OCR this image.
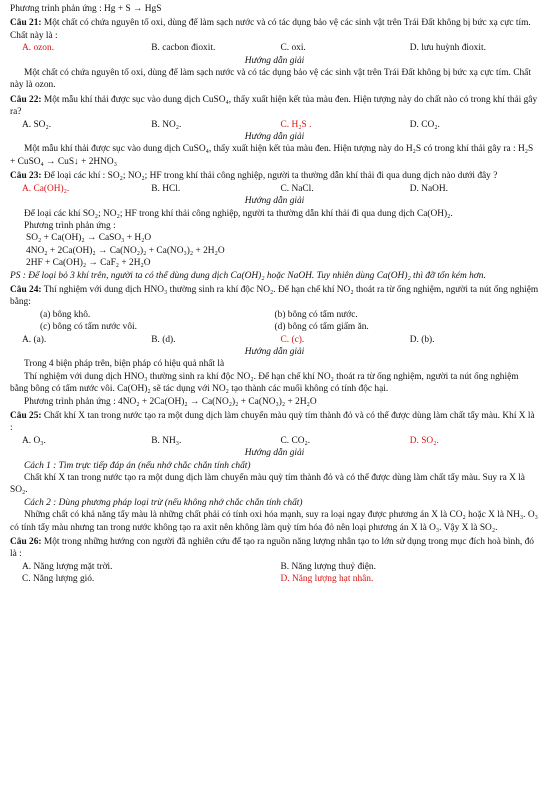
Phương trình phản ứng : Hg + S → HgS

Câu 21: Một chất có chứa nguyên tố oxi, dùng để làm sạch nước và có tác dụng bảo vệ các sinh vật trên Trái Đất không bị bức xạ cực tím. Chất này là :

A. ozon.	B. cacbon đioxit.	C. oxi.	D. lưu huỳnh đioxit.

Hướng dẫn giải

Một chất có chứa nguyên tố oxi, dùng để làm sạch nước và có tác dụng bảo vệ các sinh vật trên Trái Đất không bị bức xạ cực tím. Chất này là ozon.

Câu 22: Một mẫu khí thải được sục vào dung dịch CuSO₄, thấy xuất hiện kết tủa màu đen. Hiện tượng này do chất nào có trong khí thải gây ra?

A. SO₂.	B. NO₂.	C. H₂S .	D. CO₂.

Hướng dẫn giải

Một mẫu khí thải được sục vào dung dịch CuSO₄, thấy xuất hiện kết tủa màu đen. Hiện tượng này do H₂S có trong khí thải gây ra : H₂S + CuSO₄ → CuS↓ + 2HNO₃

Câu 23: Để loại các khí : SO₂; NO₂; HF trong khí thải công nghiệp, người ta thường dẫn khí thải đi qua dung dịch nào dưới đây ?

A. Ca(OH)₂.	B. HCl.	C. NaCl.	D. NaOH.

Hướng dẫn giải

Để loại các khí SO₂; NO₂; HF trong khí thải công nghiệp, người ta thường dẫn khí thải đi qua dung dịch Ca(OH)₂.

Phương trình phản ứng :

SO₂ + Ca(OH)₂ → CaSO₃ + H₂O

4NO₂ + 2Ca(OH)₂ → Ca(NO₂)₂ + Ca(NO₃)₂ + 2H₂O

2HF + Ca(OH)₂ → CaF₂ + 2H₂O

PS : Để loại bỏ 3 khí trên, người ta có thể dùng dung dịch Ca(OH)₂ hoặc NaOH. Tuy nhiên dùng Ca(OH)₂ thì đỡ tốn kém hơn.

Câu 24: Thí nghiệm với dung dịch HNO₃ thường sinh ra khí độc NO₂. Để hạn chế khí NO₂ thoát ra từ ống nghiệm, người ta nút ống nghiệm bằng:

(a) bông khô.	(b) bông có tẩm nước.
(c) bông có tẩm nước vôi.	(d) bông có tẩm giấm ăn.
A. (a).	B. (d).	C. (c).	D. (b).

Hướng dẫn giải

Trong 4 biện pháp trên, biện pháp có hiệu quả nhất là

Thí nghiệm với dung dịch HNO₃ thường sinh ra khí độc NO₂. Để hạn chế khí NO₂ thoát ra từ ống nghiệm, người ta nút ống nghiệm bằng bông có tẩm nước vôi. Ca(OH)₂ sẽ tác dụng với NO₂ tạo thành các muối không có tính độc hại.

Phương trình phản ứng : 4NO₂ + 2Ca(OH)₂ → Ca(NO₂)₂ + Ca(NO₃)₂ + 2H₂O

Câu 25: Chất khí X tan trong nước tạo ra một dung dịch làm chuyển màu quỳ tím thành đỏ và có thể được dùng làm chất tẩy màu. Khí X là :

A. O₃.	B. NH₃.	C. CO₂.	D. SO₂.

Hướng dẫn giải

Cách 1 : Tìm trực tiếp đáp án (nếu nhớ chắc chắn tính chất)

Chất khí X tan trong nước tạo ra một dung dịch làm chuyển màu quỳ tím thành đỏ và có thể được dùng làm chất tẩy màu. Suy ra X là SO₂.

Cách 2 : Dùng phương pháp loại trừ (nếu không nhớ chắc chắn tính chất)

Những chất có khả năng tẩy màu là những chất phải có tính oxi hóa mạnh, suy ra loại ngay được phương án X là CO₂ hoặc X là NH₃. O₃ có tính tẩy màu nhưng tan trong nước không tạo ra axit nên không làm quỳ tím hóa đỏ nên loại phương án X là O₃. Vậy X là SO₂.

Câu 26: Một trong những hướng con người đã nghiên cứu để tạo ra nguồn năng lượng nhân tạo to lớn sử dụng trong mục đích hoà bình, đó là :

A. Năng lượng mặt trời.	B. Năng lượng thuỷ điện.
C. Năng lượng gió.	D. Năng lượng hạt nhân.
